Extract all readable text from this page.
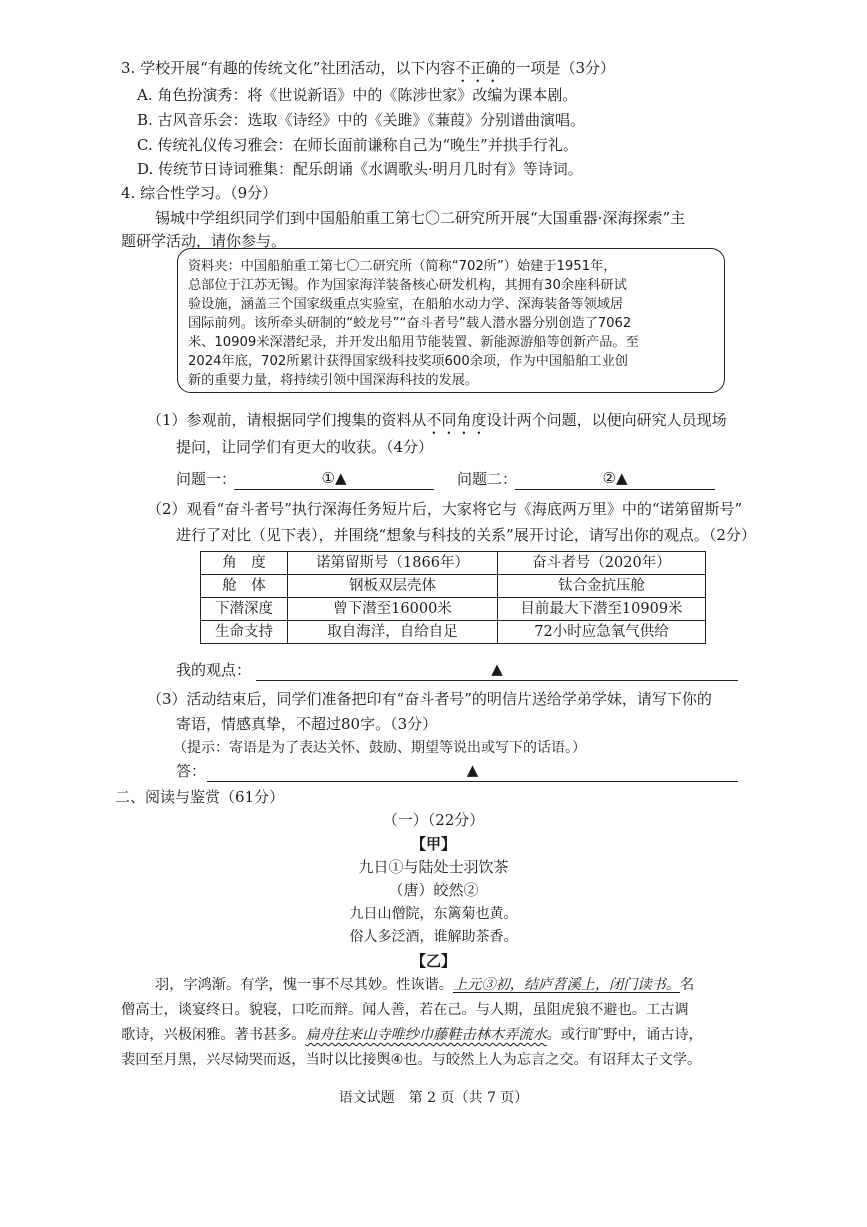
3. 学校开展“有趣的传统文化”社团活动，以下内容不正确的一项是（3分）
A. 角色扮演秀：将《世说新语》中的《陈涉世家》改编为课本剧。
B. 古风音乐会：选取《诗经》中的《关雎》《蒹葭》分别谱曲演唱。
C. 传统礼仪传习雅会：在师长面前谦称自己为“晚生”并拱手行礼。
D. 传统节日诗词雅集：配乐朗诵《水调歌头·明月几时有》等诗词。
4. 综合性学习。（9分）
锡城中学组织同学们到中国船舶重工第七〇二研究所开展“大国重器·深海探索”主
题研学活动，请你参与。
资料夹：中国船舶重工第七〇二研究所（简称“702所”）始建于1951年，
总部位于江苏无锡。作为国家海洋装备核心研发机构，其拥有30余座科研试
验设施，涵盖三个国家级重点实验室，在船舶水动力学、深海装备等领域居
国际前列。该所牵头研制的“蛟龙号”“奋斗者号”载人潜水器分别创造了7062
米、10909米深潜纪录，并开发出船用节能装置、新能源游船等创新产品。至
2024年底，702所累计获得国家级科技奖项600余项，作为中国船舶工业创
新的重要力量，将持续引领中国深海科技的发展。
（1）参观前，请根据同学们搜集的资料从不同角度设计两个问题，以便向研究人员现场
提问，让同学们有更大的收获。（4分）
问题一：	①▲	问题二：	②▲
（2）观看“奋斗者号”执行深海任务短片后，大家将它与《海底两万里》中的“诺第留斯号”
进行了对比（见下表），并围绕“想象与科技的关系”展开讨论，请写出你的观点。（2分）
角　度	诺第留斯号（1866年）	奋斗者号（2020年）
舱　体	钢板双层壳体	钛合金抗压舱
下潜深度	曾下潜至16000米	目前最大下潜至10909米
生命支持	取自海洋，自给自足	72小时应急氧气供给
我的观点：	▲
（3）活动结束后，同学们准备把印有“奋斗者号”的明信片送给学弟学妹，请写下你的
寄语，情感真挚，不超过80字。（3分）
（提示：寄语是为了表达关怀、鼓励、期望等说出或写下的话语。）
答：	▲
二、阅读与鉴赏（61分）
（一）（22分）
【甲】
九日①与陆处士羽饮茶
（唐）皎然②
九日山僧院，东篱菊也黄。
俗人多泛酒，谁解助茶香。
【乙】
羽，字鸿渐。有学，愧一事不尽其妙。性诙谐。上元③初，结庐苕溪上，闭门读书。名
僧高士，谈宴终日。貌寝，口吃而辩。闻人善，若在己。与人期，虽阻虎狼不避也。工古调
歌诗，兴极闲雅。著书甚多。扁舟往来山寺唯纱巾藤鞋击林木弄流水。或行旷野中，诵古诗，
裴回至月黑，兴尽恸哭而返，当时以比接舆④也。与皎然上人为忘言之交。有诏拜太子文学。
语文试题　第 2 页（共 7 页）
